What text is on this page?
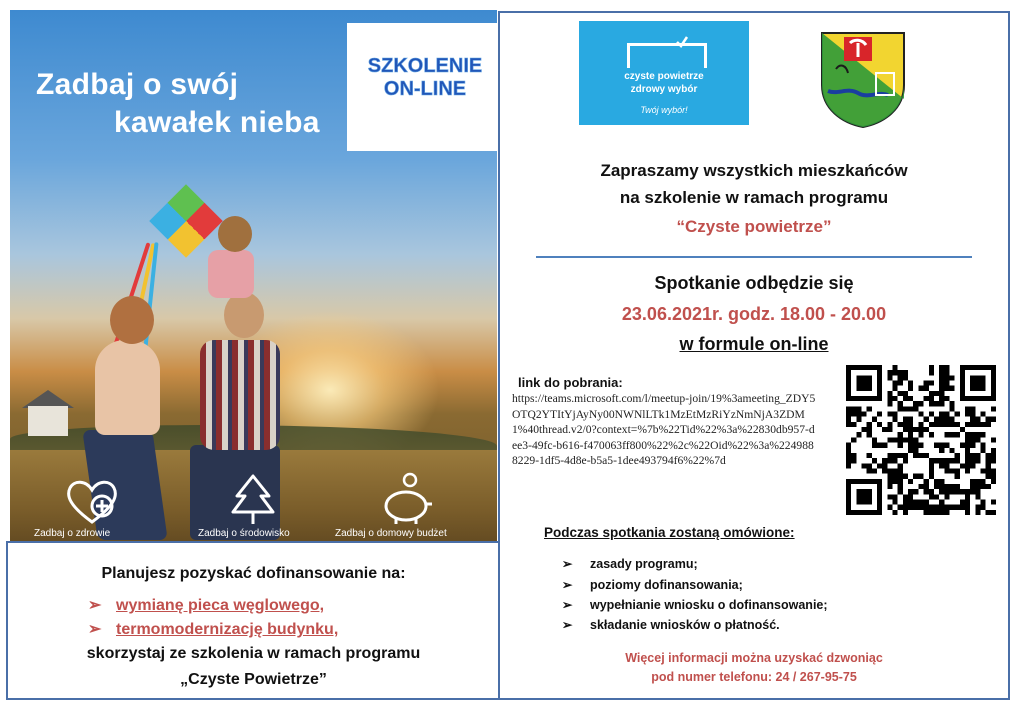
Zadbaj o swój
kawałek nieba
SZKOLENIE
ON-LINE
Zadbaj o zdrowie	Zadbaj o środowisko	Zadbaj o domowy budżet
Planujesz pozyskać dofinansowanie na:
➢ wymianę pieca węglowego,
➢ termomodernizację budynku,
skorzystaj ze szkolenia w ramach programu
„Czyste Powietrze”
czyste powietrze
zdrowy wybór
Twój wybór!
Zapraszamy wszystkich mieszkańców
na szkolenie w ramach programu
“Czyste powietrze”
Spotkanie odbędzie się
23.06.2021r. godz. 18.00 - 20.00
w formule on-line
link do pobrania:
https://teams.microsoft.com/l/meetup-join/19%3ameeting_ZDY5OTQ2YTItYjAyNy00NWNlLTk1MzEtMzRiYzNmNjA3ZDM1%40thread.v2/0?context=%7b%22Tid%22%3a%22830db957-dee3-49fc-b616-f470063ff800%22%2c%22Oid%22%3a%2249888229-1df5-4d8e-b5a5-1dee493794f6%22%7d
Podczas spotkania zostaną omówione:
➢ zasady programu;
➢ poziomy dofinansowania;
➢ wypełnianie wniosku o dofinansowanie;
➢ składanie wniosków o płatność.
Więcej informacji można uzyskać dzwoniąc
pod numer telefonu: 24 / 267-95-75
